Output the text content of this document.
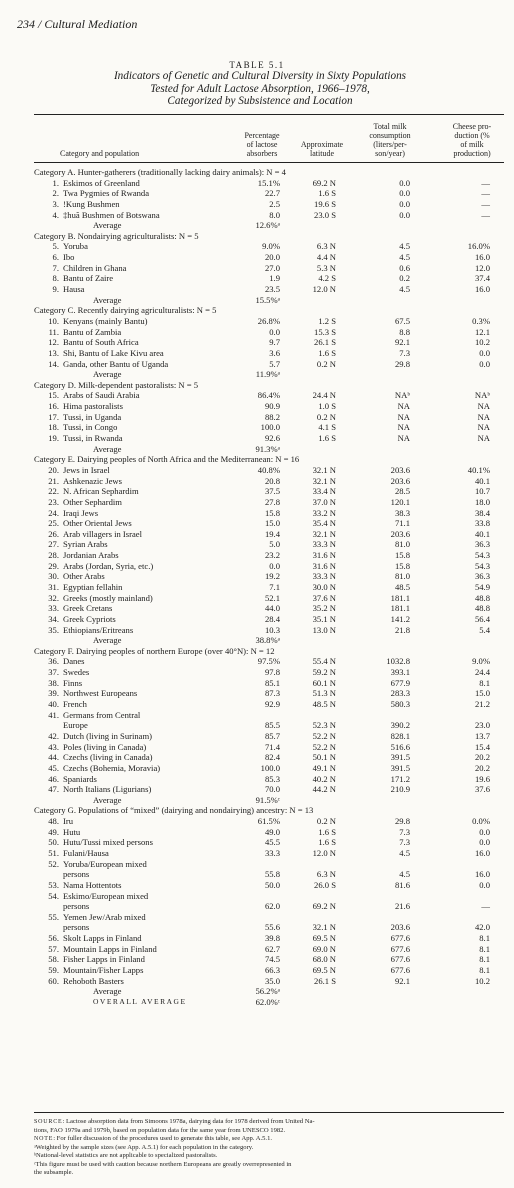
234 / Cultural Mediation
TABLE 5.1
Indicators of Genetic and Cultural Diversity in Sixty Populations
Tested for Adult Lactose Absorption, 1966–1978,
Categorized by Subsistence and Location
Percentage
of lactose
absorbers
Approximate
latitude
Total milk
consumption
(liters/per-
son/year)
Cheese pro-
duction (%
of milk
production)
Category and population
Category A. Hunter-gatherers (traditionally lacking dairy animals): N = 4
1. Eskimos of Greenland	15.1%	69.2 N	0.0	—
2. Twa Pygmies of Rwanda	22.7	1.6 S	0.0	—
3. !Kung Bushmen	2.5	19.6 S	0.0	—
4. ‡huã Bushmen of Botswana	8.0	23.0 S	0.0	—
Average	12.6%ᵃ
Category B. Nondairying agriculturalists: N = 5
5. Yoruba	9.0%	6.3 N	4.5	16.0%
6. Ibo	20.0	4.4 N	4.5	16.0
7. Children in Ghana	27.0	5.3 N	0.6	12.0
8. Bantu of Zaire	1.9	4.2 S	0.2	37.4
9. Hausa	23.5	12.0 N	4.5	16.0
Average	15.5%ᵃ
Category C. Recently dairying agriculturalists: N = 5
10. Kenyans (mainly Bantu)	26.8%	1.2 S	67.5	0.3%
11. Bantu of Zambia	0.0	15.3 S	8.8	12.1
12. Bantu of South Africa	9.7	26.1 S	92.1	10.2
13. Shi, Bantu of Lake Kivu area	3.6	1.6 S	7.3	0.0
14. Ganda, other Bantu of Uganda	5.7	0.2 N	29.8	0.0
Average	11.9%ᵃ
Category D. Milk-dependent pastoralists: N = 5
15. Arabs of Saudi Arabia	86.4%	24.4 N	NAᵇ	NAᵇ
16. Hima pastoralists	90.9	1.0 S	NA	NA
17. Tussi, in Uganda	88.2	0.2 N	NA	NA
18. Tussi, in Congo	100.0	4.1 S	NA	NA
19. Tussi, in Rwanda	92.6	1.6 S	NA	NA
Average	91.3%ᵃ
Category E. Dairying peoples of North Africa and the Mediterranean: N = 16
20. Jews in Israel	40.8%	32.1 N	203.6	40.1%
21. Ashkenazic Jews	20.8	32.1 N	203.6	40.1
22. N. African Sephardim	37.5	33.4 N	28.5	10.7
23. Other Sephardim	27.8	37.0 N	120.1	18.0
24. Iraqi Jews	15.8	33.2 N	38.3	38.4
25. Other Oriental Jews	15.0	35.4 N	71.1	33.8
26. Arab villagers in Israel	19.4	32.1 N	203.6	40.1
27. Syrian Arabs	5.0	33.3 N	81.0	36.3
28. Jordanian Arabs	23.2	31.6 N	15.8	54.3
29. Arabs (Jordan, Syria, etc.)	0.0	31.6 N	15.8	54.3
30. Other Arabs	19.2	33.3 N	81.0	36.3
31. Egyptian fellahin	7.1	30.0 N	48.5	54.9
32. Greeks (mostly mainland)	52.1	37.6 N	181.1	48.8
33. Greek Cretans	44.0	35.2 N	181.1	48.8
34. Greek Cypriots	28.4	35.1 N	141.2	56.4
35. Ethiopians/Eritreans	10.3	13.0 N	21.8	5.4
Average	38.8%ᵃ
Category F. Dairying peoples of northern Europe (over 40°N): N = 12
36. Danes	97.5%	55.4 N	1032.8	9.0%
37. Swedes	97.8	59.2 N	393.1	24.4
38. Finns	85.1	60.1 N	677.9	8.1
39. Northwest Europeans	87.3	51.3 N	283.3	15.0
40. French	92.9	48.5 N	580.3	21.2
41. Germans from Central
Europe	85.5	52.3 N	390.2	23.0
42. Dutch (living in Surinam)	85.7	52.2 N	828.1	13.7
43. Poles (living in Canada)	71.4	52.2 N	516.6	15.4
44. Czechs (living in Canada)	82.4	50.1 N	391.5	20.2
45. Czechs (Bohemia, Moravia)	100.0	49.1 N	391.5	20.2
46. Spaniards	85.3	40.2 N	171.2	19.6
47. North Italians (Ligurians)	70.0	44.2 N	210.9	37.6
Average	91.5%ᶜ
Category G. Populations of “mixed” (dairying and nondairying) ancestry: N = 13
48. Iru	61.5%	0.2 N	29.8	0.0%
49. Hutu	49.0	1.6 S	7.3	0.0
50. Hutu/Tussi mixed persons	45.5	1.6 S	7.3	0.0
51. Fulani/Hausa	33.3	12.0 N	4.5	16.0
52. Yoruba/European mixed
persons	55.8	6.3 N	4.5	16.0
53. Nama Hottentots	50.0	26.0 S	81.6	0.0
54. Eskimo/European mixed
persons	62.0	69.2 N	21.6	—
55. Yemen Jew/Arab mixed
persons	55.6	32.1 N	203.6	42.0
56. Skolt Lapps in Finland	39.8	69.5 N	677.6	8.1
57. Mountain Lapps in Finland	62.7	69.0 N	677.6	8.1
58. Fisher Lapps in Finland	74.5	68.0 N	677.6	8.1
59. Mountain/Fisher Lapps	66.3	69.5 N	677.6	8.1
60. Rehoboth Basters	35.0	26.1 S	92.1	10.2
Average	56.2%ᵃ
OVERALL AVERAGE	62.0%ᶜ
SOURCE: Lactose absorption data from Simoons 1978a, dairying data for 1978 derived from United Na-
tions, FAO 1979a and 1979b, based on population data for the same year from UNESCO 1982.
NOTE: For fuller discussion of the procedures used to generate this table, see App. A.5.1.
ᵃWeighted by the sample sizes (see App. A.5.1) for each population in the category.
ᵇNational-level statistics are not applicable to specialized pastoralists.
ᶜThis figure must be used with caution because northern Europeans are greatly overrepresented in
the subsample.
